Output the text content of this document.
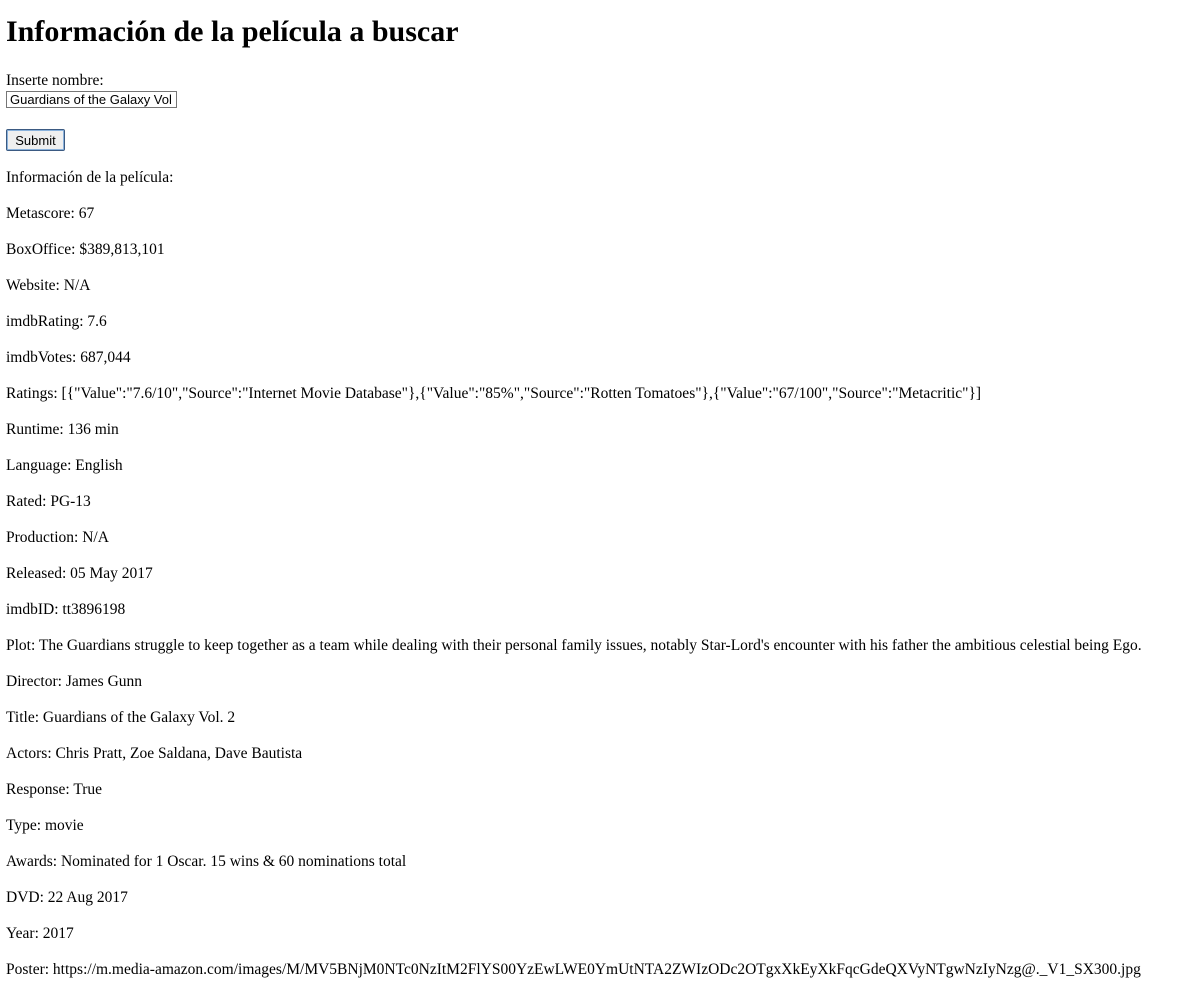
Información de la película a buscar
Inserte nombre:
Guardians of the Galaxy Vol. 2
Submit

Información de la película:

Metascore: 67

BoxOffice: $389,813,101

Website: N/A

imdbRating: 7.6

imdbVotes: 687,044

Ratings: [{"Value":"7.6/10","Source":"Internet Movie Database"},{"Value":"85%","Source":"Rotten Tomatoes"},{"Value":"67/100","Source":"Metacritic"}]

Runtime: 136 min

Language: English

Rated: PG-13

Production: N/A

Released: 05 May 2017

imdbID: tt3896198

Plot: The Guardians struggle to keep together as a team while dealing with their personal family issues, notably Star-Lord's encounter with his father the ambitious celestial being Ego.

Director: James Gunn

Title: Guardians of the Galaxy Vol. 2

Actors: Chris Pratt, Zoe Saldana, Dave Bautista

Response: True

Type: movie

Awards: Nominated for 1 Oscar. 15 wins & 60 nominations total

DVD: 22 Aug 2017

Year: 2017

Poster: https://m.media-amazon.com/images/M/MV5BNjM0NTc0NzItM2FlYS00YzEwLWE0YmUtNTA2ZWIzODc2OTgxXkEyXkFqcGdeQXVyNTgwNzIyNzg@._V1_SX300.jpg
